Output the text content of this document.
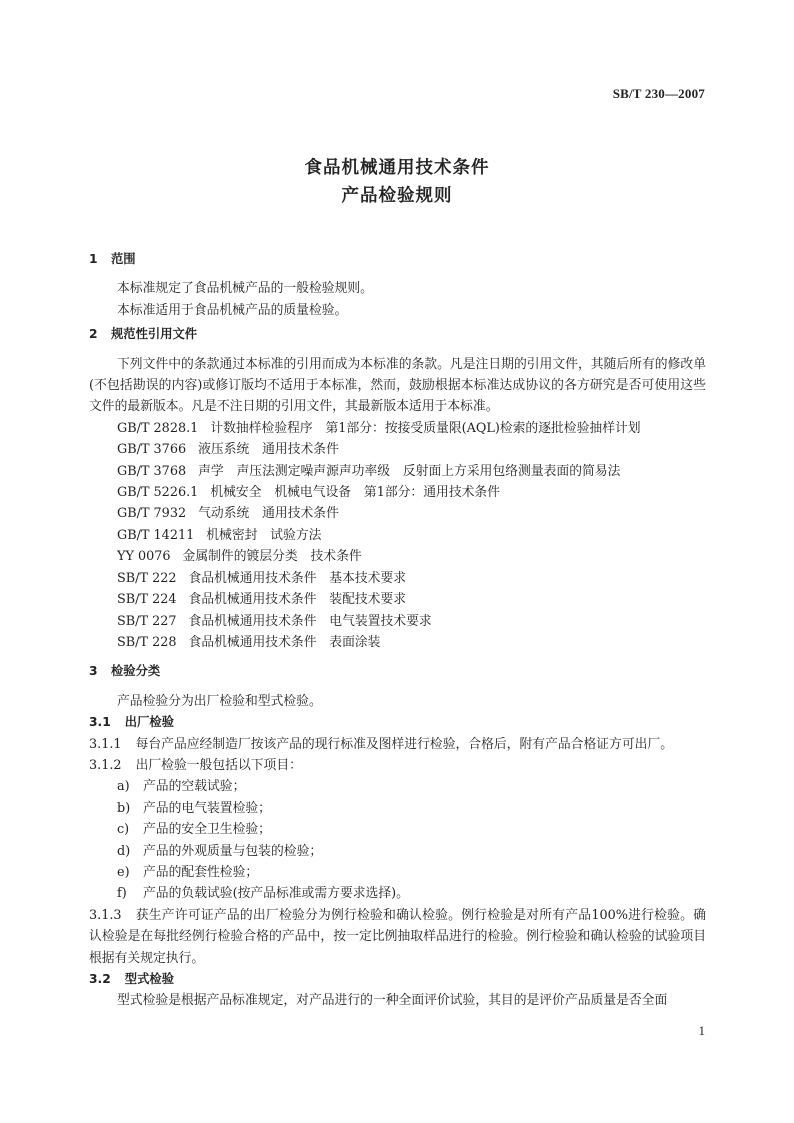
SB/T 230—2007
食品机械通用技术条件
产品检验规则

1 范围

本标准规定了食品机械产品的一般检验规则。

本标准适用于食品机械产品的质量检验。

2 规范性引用文件

下列文件中的条款通过本标准的引用而成为本标准的条款。凡是注日期的引用文件，其随后所有的修改单(不包括勘误的内容)或修订版均不适用于本标准，然而，鼓励根据本标准达成协议的各方研究是否可使用这些文件的最新版本。凡是不注日期的引用文件，其最新版本适用于本标准。

GB/T 2828.1 计数抽样检验程序　第1部分：按接受质量限(AQL)检索的逐批检验抽样计划
GB/T 3766 液压系统　通用技术条件
GB/T 3768 声学　声压法测定噪声源声功率级　反射面上方采用包络测量表面的简易法
GB/T 5226.1 机械安全　机械电气设备　第1部分：通用技术条件
GB/T 7932 气动系统　通用技术条件
GB/T 14211 机械密封　试验方法
YY 0076 金属制件的镀层分类　技术条件
SB/T 222 食品机械通用技术条件　基本技术要求
SB/T 224 食品机械通用技术条件　装配技术要求
SB/T 227 食品机械通用技术条件　电气装置技术要求
SB/T 228 食品机械通用技术条件　表面涂装

3 检验分类

产品检验分为出厂检验和型式检验。

3.1 出厂检验

3.1.1 每台产品应经制造厂按该产品的现行标准及图样进行检验，合格后，附有产品合格证方可出厂。

3.1.2 出厂检验一般包括以下项目：

a) 产品的空载试验；
b) 产品的电气装置检验；
c) 产品的安全卫生检验；
d) 产品的外观质量与包装的检验；
e) 产品的配套性检验；
f) 产品的负载试验(按产品标准或需方要求选择)。

3.1.3 获生产许可证产品的出厂检验分为例行检验和确认检验。例行检验是对所有产品100%进行检验。确认检验是在每批经例行检验合格的产品中，按一定比例抽取样品进行的检验。例行检验和确认检验的试验项目根据有关规定执行。

3.2 型式检验

型式检验是根据产品标准规定，对产品进行的一种全面评价试验，其目的是评价产品质量是否全面

1
